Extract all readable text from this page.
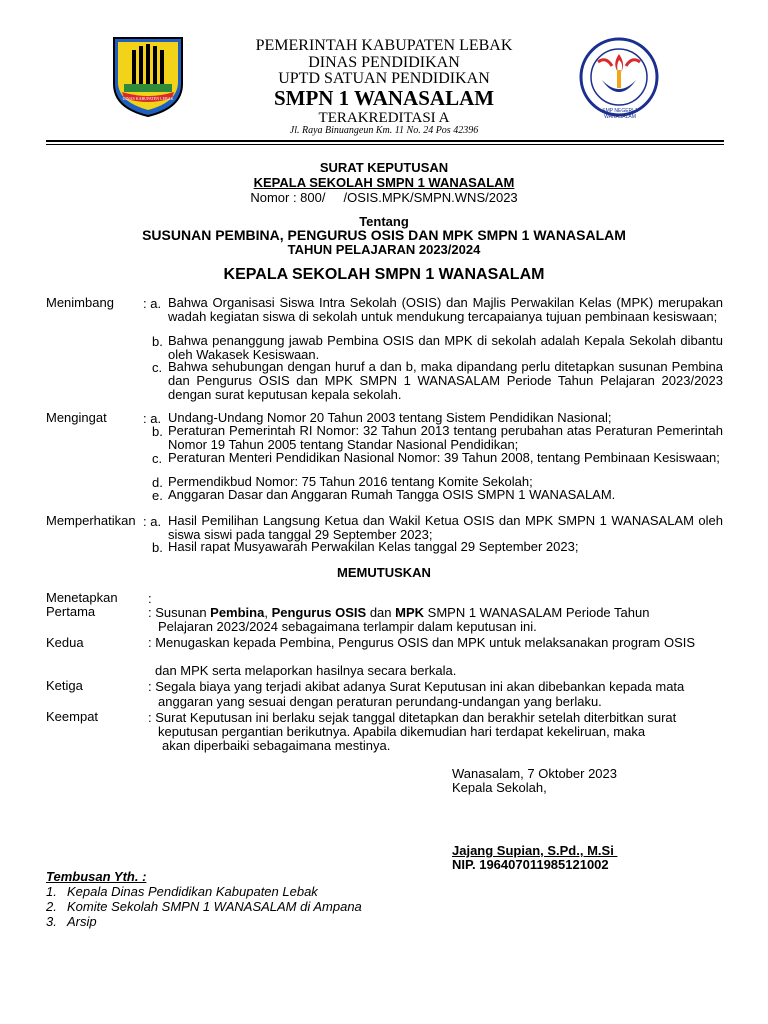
DINAS KABUPATEN LEBAK
SMP NEGERI 1 WANASALAM
PEMERINTAH KABUPATEN LEBAK
DINAS PENDIDIKAN
UPTD SATUAN PENDIDIKAN
SMPN 1 WANASALAM
TERAKREDITASI A
Jl. Raya Binuangeun Km. 11 No. 24 Pos 42396
SURAT KEPUTUSAN
KEPALA SEKOLAH SMPN 1 WANASALAM
Nomor : 800/     /OSIS.MPK/SMPN.WNS/2023
Tentang
SUSUNAN PEMBINA, PENGURUS OSIS DAN MPK SMPN 1 WANASALAM
TAHUN PELAJARAN 2023/2024
KEPALA SEKOLAH SMPN 1 WANASALAM
Menimbang : a. Bahwa Organisasi Siswa Intra Sekolah (OSIS) dan Majlis Perwakilan Kelas (MPK) merupakan wadah kegiatan siswa di sekolah untuk mendukung tercapaianya tujuan pembinaan kesiswaan;
b. Bahwa penanggung jawab Pembina OSIS dan MPK di sekolah adalah Kepala Sekolah dibantu oleh Wakasek Kesiswaan.
c. Bahwa sehubungan dengan huruf a dan b, maka dipandang perlu ditetapkan susunan Pembina dan Pengurus OSIS dan MPK SMPN 1 WANASALAM Periode Tahun Pelajaran 2023/2023 dengan surat keputusan kepala sekolah.
Mengingat	: a. Undang-Undang Nomor 20 Tahun 2003 tentang Sistem Pendidikan Nasional;
b. Peraturan Pemerintah RI Nomor: 32 Tahun 2013 tentang perubahan atas Peraturan Pemerintah Nomor 19 Tahun 2005 tentang Standar Nasional Pendidikan;
c. Peraturan Menteri Pendidikan Nasional Nomor: 39 Tahun 2008, tentang Pembinaan Kesiswaan;
d. Permendikbud Nomor: 75 Tahun 2016 tentang Komite Sekolah;
e. Anggaran Dasar dan Anggaran Rumah Tangga OSIS SMPN 1 WANASALAM.
Memperhatikan : a. Hasil Pemilihan Langsung Ketua dan Wakil Ketua OSIS dan MPK SMPN 1 WANASALAM oleh siswa siswi pada tanggal 29 September 2023;
b. Hasil rapat Musyawarah Perwakilan Kelas tanggal 29 September 2023;
MEMUTUSKAN
Menetapkan :
Pertama	: Susunan Pembina, Pengurus OSIS dan MPK SMPN 1 WANASALAM Periode Tahun
Pelajaran 2023/2024 sebagaimana terlampir dalam keputusan ini.
Kedua	: Menugaskan kepada Pembina, Pengurus OSIS dan MPK untuk melaksanakan program OSIS
dan MPK serta melaporkan hasilnya secara berkala.
Ketiga	: Segala biaya yang terjadi akibat adanya Surat Keputusan ini akan dibebankan kepada mata
anggaran yang sesuai dengan peraturan perundang-undangan yang berlaku.
Keempat	: Surat Keputusan ini berlaku sejak tanggal ditetapkan dan berakhir setelah diterbitkan surat
keputusan pergantian berikutnya. Apabila dikemudian hari terdapat kekeliruan, maka
akan diperbaiki sebagaimana mestinya.
Wanasalam, 7 Oktober 2023
Kepala Sekolah,
Jajang Supian, S.Pd., M.Si
NIP. 196407011985121002
Tembusan Yth. :
1. Kepala Dinas Pendidikan Kabupaten Lebak
2. Komite Sekolah SMPN 1 WANASALAM di Ampana
3. Arsip
